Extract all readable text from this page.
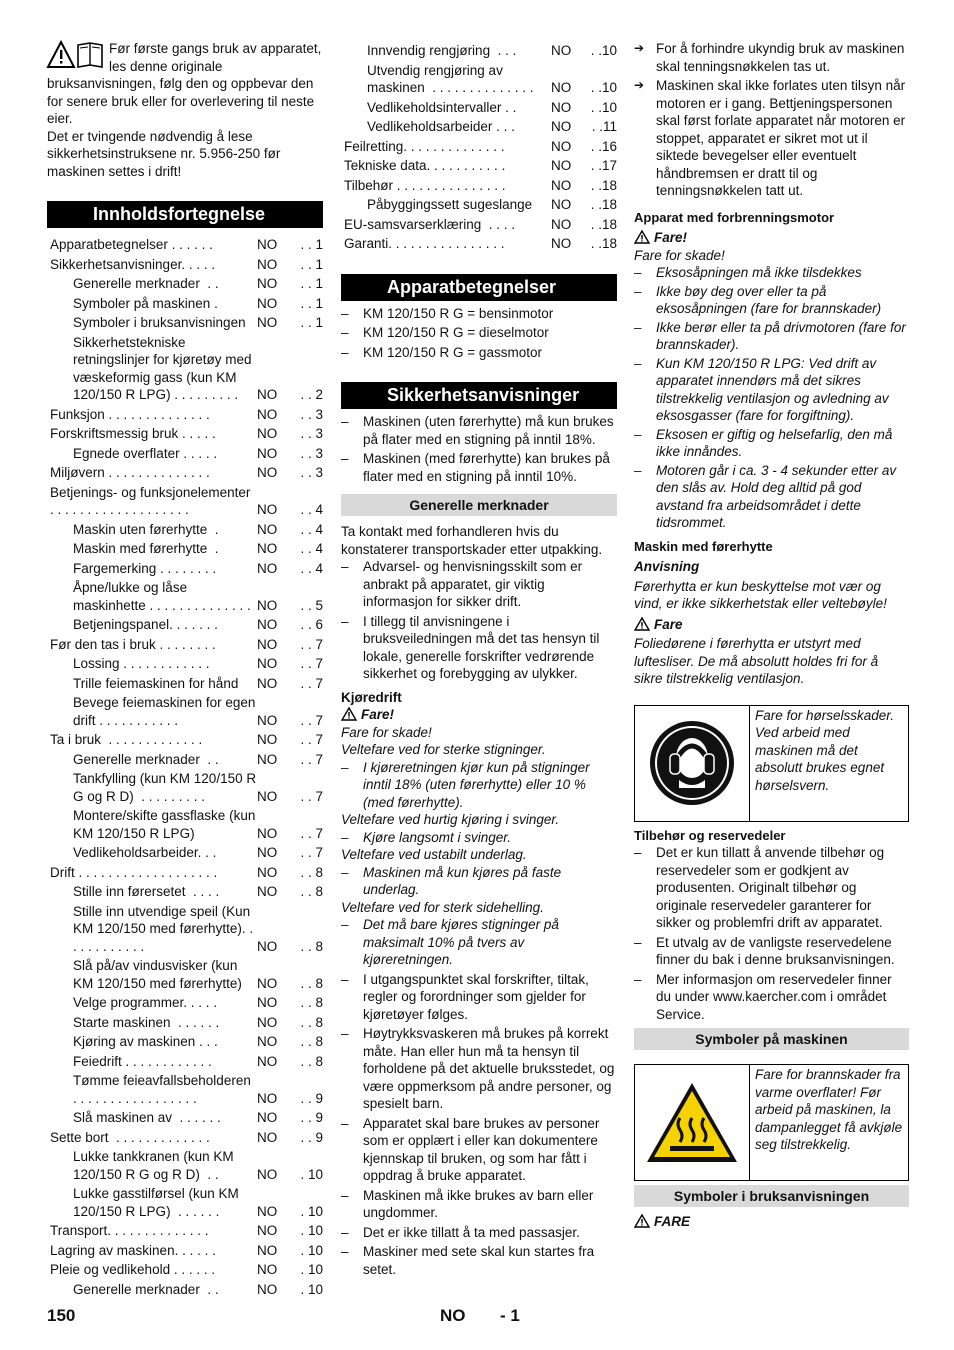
Før første gangs bruk av apparatet, les denne originale bruksanvisningen, følg den og oppbevar den for senere bruk eller for overlevering til neste eier.

Det er tvingende nødvendig å lese sikkerhetsinstruksene nr. 5.956-250 før maskinen settes i drift!

Innholdsfortegnelse
Apparatbetegnelser . . . . . .	NO	. . 1
Sikkerhetsanvisninger. . . . .	NO	. . 1
Generelle merknader  . .	NO	. . 1
Symboler på maskinen .	NO	. . 1
Symboler i bruksanvisningen NO	. . 1
Sikkerhetstekniske retningslinjer for kjøretøy med væskeformig gass (kun KM 120/150 R LPG) . . . . . . . . .	NO	. . 2
Funksjon . . . . . . . . . . . . . .	NO	. . 3
Forskriftsmessig bruk . . . . .	NO	. . 3
Egnede overflater . . . . .	NO	. . 3
Miljøvern . . . . . . . . . . . . . .	NO	. . 3
Betjenings- og funksjonelementer . . . . . . . . . . . . . . . . . . .	NO	. . 4
Maskin uten førerhytte  .	NO	. . 4
Maskin med førerhytte  .	NO	. . 4
Fargemerking . . . . . . . .	NO	. . 4
Åpne/lukke og låse maskinhette . . . . . . . . . . . . . . NO	. . 5
Betjeningspanel. . . . . . .	NO	. . 6
Før den tas i bruk . . . . . . . .	NO	. . 7
Lossing . . . . . . . . . . . .	NO	. . 7
Trille feiemaskinen for hånd	NO	. . 7
Bevege feiemaskinen for egen drift . . . . . . . . . . .	NO	. . 7
Ta i bruk  . . . . . . . . . . . . .	NO	. . 7
Generelle merknader  . .	NO	. . 7
Tankfylling (kun KM 120/150 R G og R D)  . . . . . . . . .	NO	. . 7
Montere/skifte gassflaske (kun KM 120/150 R LPG)	NO	. . 7
Vedlikeholdsarbeider. . .	NO	. . 7
Drift . . . . . . . . . . . . . . . . . . .	NO	. . 8
Stille inn førersetet  . . . .	NO	. . 8
Stille inn utvendige speil (Kun KM 120/150 med førerhytte). . . . . . . . . . . .	NO	. . 8
Slå på/av vindusvisker (kun KM 120/150 med førerhytte)	NO	. . 8
Velge programmer. . . . .	NO	. . 8
Starte maskinen  . . . . . .	NO	. . 8
Kjøring av maskinen . . .	NO	. . 8
Feiedrift . . . . . . . . . . . .	NO	. . 8
Tømme feieavfallsbeholderen . . . . . . . . . . . . . . . . .	NO	. . 9
Slå maskinen av  . . . . . .	NO	. . 9
Sette bort  . . . . . . . . . . . . .	NO	. . 9
Lukke tankkranen (kun KM 120/150 R G og R D)  . .	NO	. 10
Lukke gasstilførsel (kun KM 120/150 R LPG)  . . . . . .	NO	. 10
Transport. . . . . . . . . . . . . .	NO	. 10
Lagring av maskinen. . . . . .	NO	. 10
Pleie og vedlikehold . . . . . .	NO	. 10
Generelle merknader  . .	NO	. 10
Innvendig rengjøring  . . .	NO	. .10
Utvendig rengjøring av maskinen  . . . . . . . . . . . . . .	NO	. .10
Vedlikeholdsintervaller . .	NO	. .10
Vedlikeholdsarbeider . . .	NO	. .11
Feilretting. . . . . . . . . . . . . .	NO	. .16
Tekniske data. . . . . . . . . . .	NO	. .17
Tilbehør . . . . . . . . . . . . . . .	NO	. .18
Påbyggingssett sugeslange	NO	. .18
EU-samsvarserklæring  . . . .	NO	. .18
Garanti. . . . . . . . . . . . . . . .	NO	. .18
Apparatbetegnelser
– KM 120/150 R G = bensinmotor
– KM 120/150 R G = dieselmotor
– KM 120/150 R G = gassmotor
Sikkerhetsanvisninger
– Maskinen (uten førerhytte) må kun brukes på flater med en stigning på inntil 18%.
– Maskinen (med førerhytte) kan brukes på flater med en stigning på inntil 10%.
Generelle merknader

Ta kontakt med forhandleren hvis du konstaterer transportskader etter utpakking.

– Advarsel- og henvisningsskilt som er anbrakt på apparatet, gir viktig informasjon for sikker drift.
– I tillegg til anvisningene i bruksveiledningen må det tas hensyn til lokale, generelle forskrifter vedrørende sikkerhet og forebygging av ulykker.

Kjøredrift

Fare!

Fare for skade!

Veltefare ved for sterke stigninger.

– I kjøreretningen kjør kun på stigninger inntil 18% (uten førerhytte) eller 10 % (med førerhytte).

Veltefare ved hurtig kjøring i svinger.

– Kjøre langsomt i svinger.

Veltefare ved ustabilt underlag.

– Maskinen må kun kjøres på faste underlag.

Veltefare ved for sterk sidehelling.

– Det må bare kjøres stigninger på maksimalt 10% på tvers av kjøreretningen.
– I utgangspunktet skal forskrifter, tiltak, regler og forordninger som gjelder for kjøretøyer følges.
– Høytrykksvaskeren må brukes på korrekt måte. Han eller hun må ta hensyn til forholdene på det aktuelle bruksstedet, og være oppmerksom på andre personer, og spesielt barn.
– Apparatet skal bare brukes av personer som er opplært i eller kan dokumentere kjennskap til bruken, og som har fått i oppdrag å bruke apparatet.
– Maskinen må ikke brukes av barn eller ungdommer.
– Det er ikke tillatt å ta med passasjer.
– Maskiner med sete skal kun startes fra setet.
➔ For å forhindre ukyndig bruk av maskinen skal tenningsnøkkelen tas ut.
➔ Maskinen skal ikke forlates uten tilsyn når motoren er i gang. Bettjeningspersonen skal først forlate apparatet når motoren er stoppet, apparatet er sikret mot ut il siktede bevegelser eller eventuelt håndbremsen er dratt til og tenningsnøkkelen tatt ut.

Apparat med forbrenningsmotor

Fare!

Fare for skade!

– Eksosåpningen må ikke tilsdekkes
– Ikke bøy deg over eller ta på eksosåpningen (fare for brannskader)
– Ikke berør eller ta på drivmotoren (fare for brannskader).
– Kun KM 120/150 R LPG: Ved drift av apparatet innendørs må det sikres tilstrekkelig ventilasjon og avledning av eksosgasser (fare for forgiftning).
– Eksosen er giftig og helsefarlig, den må ikke innåndes.
– Motoren går i ca. 3 - 4 sekunder etter av den slås av. Hold deg alltid på god avstand fra arbeidsområdet i dette tidsrommet.

Maskin med førerhytte

Anvisning

Førerhytta er kun beskyttelse mot vær og vind, er ikke sikkerhetstak eller veltebøyle!

Fare

Foliedørene i førerhytta er utstyrt med luftesliser. De må absolutt holdes fri for å sikre tilstrekkelig ventilasjon.

Fare for hørselsskader. Ved arbeid med maskinen må det absolutt brukes egnet hørselsvern.

Tilbehør og reservedeler

– Det er kun tillatt å anvende tilbehør og reservedeler som er godkjent av produsenten. Originalt tilbehør og originale reservedeler garanterer for sikker og problemfri drift av apparatet.
– Et utvalg av de vanligste reservedelene finner du bak i denne bruksanvisningen.
– Mer informasjon om reservedeler finner du under www.kaercher.com i området Service.
Symboler på maskinen
Fare for brannskader fra varme overflater! Før arbeid på maskinen, la dampanlegget få avkjøle seg tilstrekkelig.
Symboler i bruksanvisningen

FARE

150	NO - 1
